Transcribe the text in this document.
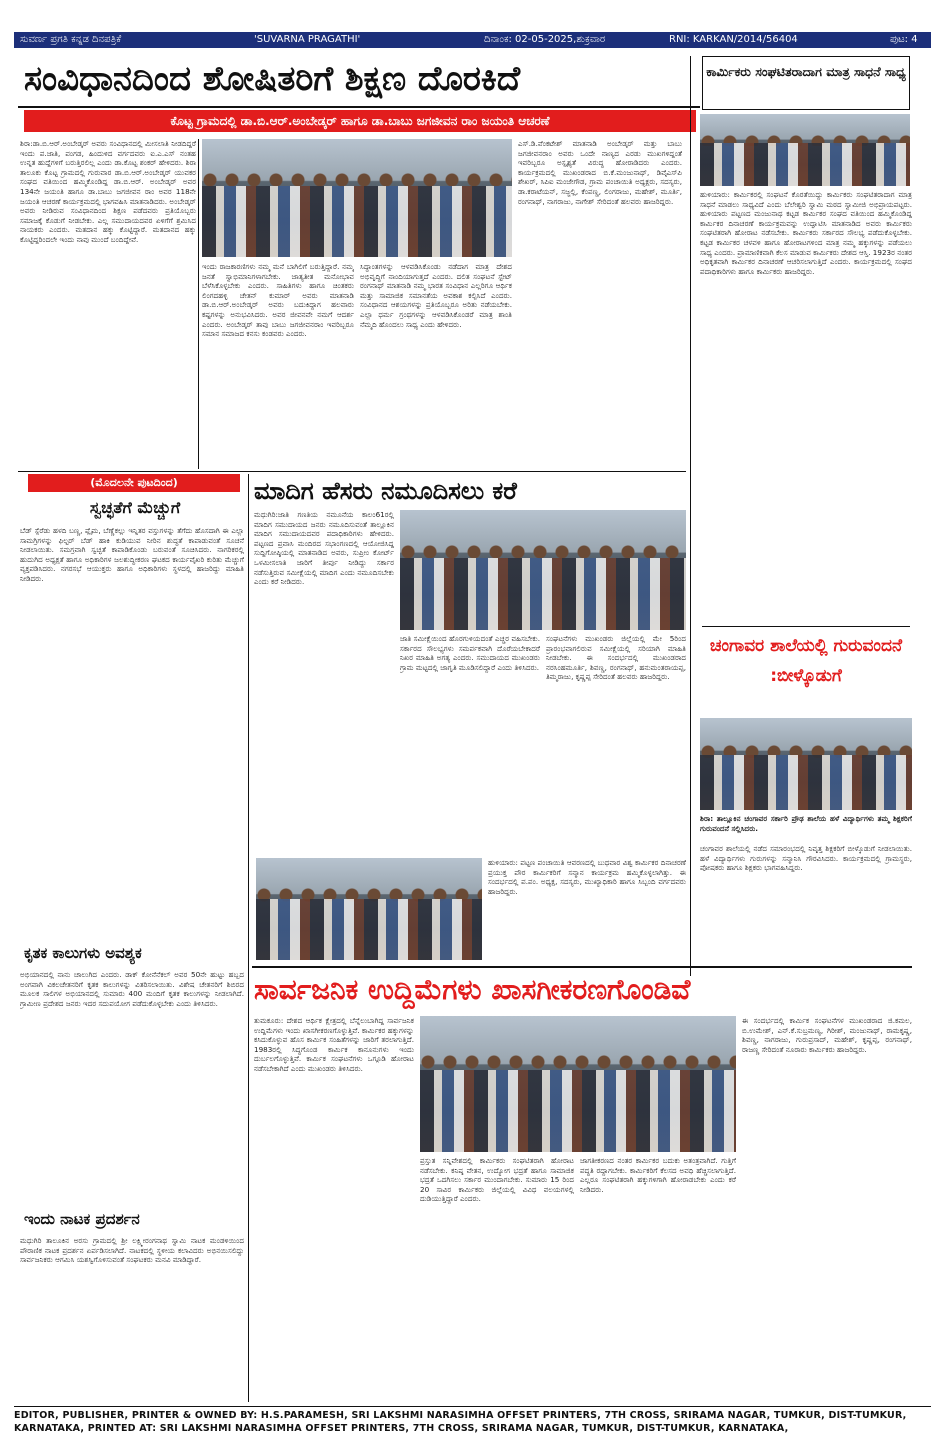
ಸುವರ್ಣ ಪ್ರಗತಿ ಕನ್ನಡ ದಿನಪತ್ರಿಕೆ	'SUVARNA PRAGATHI'	ದಿನಾಂಕ: 02-05-2025,ಶುಕ್ರವಾರ	RNI: KARKAN/2014/56404	ಪುಟ: 4
ಸಂವಿಧಾನದಿಂದ ಶೋಷಿತರಿಗೆ ಶಿಕ್ಷಣ ದೊರಕಿದೆ
ಕೊಟ್ಟ ಗ್ರಾಮದಲ್ಲಿ ಡಾ.ಬಿ.ಆರ್.ಅಂಬೇಡ್ಕರ್ ಹಾಗೂ ಡಾ.ಬಾಬು ಜಗಜೀವನ ರಾಂ ಜಯಂತಿ ಆಚರಣೆ
ಶಿರಾ:ಡಾ.ಬಿ.ಆರ್.ಅಂಬೇಡ್ಕರ್ ಅವರು ಸಂವಿಧಾನದಲ್ಲಿ ಮೀಸಲಾತಿ ನೀಡದಿದ್ದರೆ ಇಂದು ಪ.ಜಾತಿ, ಪಂಗಡ, ಹಿಂದುಳಿದ ವರ್ಗದವರು ಐ.ಎ.ಎಸ್ ನಂತಹ ಉನ್ನತ ಹುದ್ದೆಗಳಿಗೆ ಬರುತ್ತಿರಲಿಲ್ಲ ಎಂದು ಡಾ.ಕೊಟ್ಟ ಶಂಕರ್ ಹೇಳಿದರು. ಶಿರಾ ತಾಲೂಕು ಕೊಟ್ಟ ಗ್ರಾಮದಲ್ಲಿ ಗುರುವಾರ ಡಾ.ಬಿ.ಆರ್.ಅಂಬೇಡ್ಕರ್ ಯುವಕರ ಸಂಘದ ವತಿಯಿಂದ ಹಮ್ಮಿಕೊಂಡಿದ್ದ ಡಾ.ಬಿ.ಆರ್. ಅಂಬೇಡ್ಕರ್ ಅವರ 134ನೇ ಜಯಂತಿ ಹಾಗೂ ಡಾ.ಬಾಬು ಜಗಜೀವನ ರಾಂ ಅವರ 118ನೇ ಜಯಂತಿ ಆಚರಣೆ ಕಾರ್ಯಕ್ರಮದಲ್ಲಿ ಭಾಗವಹಿಸಿ ಮಾತನಾಡಿದರು. ಅಂಬೇಡ್ಕರ್ ಅವರು ನೀಡಿರುವ ಸಂವಿಧಾನದಿಂದ ಶಿಕ್ಷಣ ಪಡೆದವರು ಪ್ರತಿಯೊಬ್ಬರು ಸಮಾಜಕ್ಕೆ ಕೊಡುಗೆ ನೀಡಬೇಕು. ಎಲ್ಲ ಸಮುದಾಯದವರ ಏಳಿಗೆಗೆ ಶ್ರಮಿಸಿದ ನಾಯಕರು ಎಂದರು. ಮತದಾನ ಹಕ್ಕು ಕೊಟ್ಟಿದ್ದಾರೆ. ಮತದಾನದ ಹಕ್ಕು ಕೊಟ್ಟಿದ್ದರಿಂದಲೇ ಇಂದು ನಾವು ಮುಂದೆ ಬಂದಿದ್ದೇವೆ.
ಇಂದು ರಾಜಕಾರಣಿಗಳು ನಮ್ಮ ಮನೆ ಬಾಗಿಲಿಗೆ ಬರುತ್ತಿದ್ದಾರೆ. ನಮ್ಮ ಜನತೆ ಸ್ವಾಭಿಮಾನಿಗಳಾಗಬೇಕು. ಜಾತ್ಯತೀತ ಮನೋಭಾವ ಬೆಳೆಸಿಕೊಳ್ಳಬೇಕು ಎಂದರು. ಸಾಹಿತಿಗಳು ಹಾಗೂ ಚಿಂತಕರು ಲಿಂಗದಹಳ್ಳಿ ಚೇತನ್ ಕುಮಾರ್ ಅವರು ಮಾತನಾಡಿ ಡಾ.ಬಿ.ಆರ್.ಅಂಬೇಡ್ಕರ್ ಅವರು ಬದುಕಿದ್ದಾಗ ಹಲವಾರು ಕಷ್ಟಗಳನ್ನು ಅನುಭವಿಸಿದರು. ಅವರ ಜೀವನವೇ ನಮಗೆ ಆದರ್ಶ ಎಂದರು. ಅಂಬೇಡ್ಕರ್ ತಾವು ಬಾಬು ಜಗಜೀವನರಾಂ ಇವರಿಬ್ಬರೂ ಸಮಾನ ಸಮಾಜದ ಕನಸು ಕಂಡವರು ಎಂದರು.
ಸಿದ್ಧಾಂತಗಳನ್ನು ಆಳವಡಿಸಿಕೊಂಡು ನಡೆದಾಗ ಮಾತ್ರ ದೇಶದ ಅಭಿವೃದ್ಧಿಗೆ ನಾಂದಿಯಾಗುತ್ತದೆ ಎಂದರು. ದಲಿತ ಸಂಘಟನೆ ಸ್ಟೇಟ್ ರಂಗನಾಥ್ ಮಾತನಾಡಿ ನಮ್ಮ ಭಾರತ ಸಂವಿಧಾನ ಎಲ್ಲರಿಗೂ ಆರ್ಥಿಕ ಮತ್ತು ಸಾಮಾಜಿಕ ಸಮಾನತೆಯ ಅವಕಾಶ ಕಲ್ಪಿಸಿದೆ ಎಂದರು. ಸಂವಿಧಾನದ ಆಶಯಗಳನ್ನು ಪ್ರತಿಯೊಬ್ಬರೂ ಅರಿತು ನಡೆಯಬೇಕು. ಎಲ್ಲಾ ಧರ್ಮ ಗ್ರಂಥಗಳನ್ನು ಆಳವಡಿಸಿಕೊಂಡರೆ ಮಾತ್ರ ಶಾಂತಿ ನೆಮ್ಮದಿ ಹೊಂದಲು ಸಾಧ್ಯ ಎಂದು ಹೇಳಿದರು.
ಎಸ್.ಡಿ.ವೆಂಕಟೇಶ್ ಮಾತನಾಡಿ ಅಂಬೇಡ್ಕರ್ ಮತ್ತು ಬಾಬು ಜಗಜೀವನರಾಂ ಅವರು ಒಂದೇ ನಾಣ್ಯದ ಎರಡು ಮುಖಗಳಿದ್ದಂತೆ ಇವರಿಬ್ಬರೂ ಅಸ್ಪೃಶ್ಯತೆ ವಿರುದ್ಧ ಹೋರಾಡಿದರು ಎಂದರು. ಕಾರ್ಯಕ್ರಮದಲ್ಲಿ ಮುಖಂಡರಾದ ಬಿ.ಕೆ.ಮಂಜುನಾಥ್, ಡಿವೈಎಸ್‌ಪಿ ಶೇಖರ್, ಸಿಪಿಐ ಮಂಜೇಗೌಡ, ಗ್ರಾಮ ಪಂಚಾಯಿತಿ ಅಧ್ಯಕ್ಷರು, ಸದಸ್ಯರು, ಡಾ.ಕರಾಟೆಯನ್, ಸಜ್ಜಲ್ಲಿ, ಕೆಂಪಣ್ಣ, ಲಿಂಗರಾಜು, ಮಹೇಶ್, ಮೂರ್ತಿ, ರಂಗನಾಥ್, ನಾಗರಾಜು, ನಾಗೇಶ್ ಸೇರಿದಂತೆ ಹಲವರು ಹಾಜರಿದ್ದರು.
ಕಾರ್ಮಿಕರು ಸಂಘಟಿತರಾದಾಗ ಮಾತ್ರ ಸಾಧನೆ ಸಾಧ್ಯ
ಹುಳಿಯಾರು: ಕಾರ್ಮಿಕರಲ್ಲಿ ಸಂಘಟನೆ ಕೊರತೆಯಿದ್ದು ಕಾರ್ಮಿಕರು ಸಂಘಟಿತರಾದಾಗ ಮಾತ್ರ ಸಾಧನೆ ಮಾಡಲು ಸಾಧ್ಯವಿದೆ ಎಂದು ಬೆಲೇಶ್ವರಿ ಸ್ವಾಮಿ ಮಠದ ಸ್ವಾಮೀಜಿ ಅಭಿಪ್ರಾಯಪಟ್ಟರು. ಹುಳಿಯಾರು ಪಟ್ಟಣದ ಮಂಜುನಾಥ ಕಟ್ಟಡ ಕಾರ್ಮಿಕರ ಸಂಘದ ವತಿಯಿಂದ ಹಮ್ಮಿಕೊಂಡಿದ್ದ ಕಾರ್ಮಿಕರ ದಿನಾಚರಣೆ ಕಾರ್ಯಕ್ರಮವನ್ನು ಉದ್ಘಾಟಿಸಿ ಮಾತನಾಡಿದ ಅವರು ಕಾರ್ಮಿಕರು ಸಂಘಟಿತರಾಗಿ ಹೋರಾಟ ನಡೆಸಬೇಕು. ಕಾರ್ಮಿಕರು ಸರ್ಕಾರದ ಸೌಲಭ್ಯ ಪಡೆದುಕೊಳ್ಳಬೇಕು. ಕಟ್ಟಡ ಕಾರ್ಮಿಕರ ಚಳವಳಿ ಹಾಗೂ ಹೋರಾಟಗಳಿಂದ ಮಾತ್ರ ನಮ್ಮ ಹಕ್ಕುಗಳನ್ನು ಪಡೆಯಲು ಸಾಧ್ಯ ಎಂದರು. ಪ್ರಾಮಾಣಿಕವಾಗಿ ಕೆಲಸ ಮಾಡುವ ಕಾರ್ಮಿಕರು ದೇಶದ ಆಸ್ತಿ. 1923ರ ನಂತರ ಅಧಿಕೃತವಾಗಿ ಕಾರ್ಮಿಕರ ದಿನಾಚರಣೆ ಆಚರಿಸಲಾಗುತ್ತಿದೆ ಎಂದರು. ಕಾರ್ಯಕ್ರಮದಲ್ಲಿ ಸಂಘದ ಪದಾಧಿಕಾರಿಗಳು ಹಾಗೂ ಕಾರ್ಮಿಕರು ಹಾಜರಿದ್ದರು.
(ಮೊದಲನೇ ಪುಟದಿಂದ)
ಸ್ವಚ್ಛತೆಗೆ ಮೆಚ್ಚುಗೆ
ಬೆಡ್ ಸ್ಪೆರೆಡು ಹಳದಿ ಬಣ್ಣ, ಪ್ಲೈಮ, ಬೆಣ್ಣೆಕಲ್ಲು ಇನ್ನಿತರ ವಸ್ತುಗಳನ್ನು ತೆಗೆದು ಹೊಸದಾಗಿ ಈ ಎಲ್ಲಾ ಸಾಮಗ್ರಿಗಳನ್ನು ಫಿಲ್ಟರ್ ಬೆಡ್ ಹಾಕಿ ಕುಡಿಯುವ ನೀರಿನ ಶುದ್ಧತೆ ಕಾಪಾಡುವಂತೆ ಸೂಚನೆ ನೀಡಲಾಯಿತು. ಸಮಗ್ರವಾಗಿ ಸ್ವಚ್ಛತೆ ಕಾಪಾಡಿಕೊಂಡು ಬರುವಂತೆ ಸೂಚಿಸಿದರು. ನಾಗರಿಕರಲ್ಲಿ ಹುದುಗಿದ ಅಧ್ಯಕ್ಷತೆ ಹಾಗೂ ಅಧಿಕಾರಿಗಳ ಜಲಶುದ್ಧೀಕರಣ ಘಟಕದ ಕಾರ್ಯವೈಖರಿ ಕುರಿತು ಮೆಚ್ಚುಗೆ ವ್ಯಕ್ತಪಡಿಸಿದರು. ನಗರಸಭೆ ಆಯುಕ್ತರು ಹಾಗೂ ಅಧಿಕಾರಿಗಳು ಸ್ಥಳದಲ್ಲಿ ಹಾಜರಿದ್ದು ಮಾಹಿತಿ ನೀಡಿದರು.
ಕೃತಕ ಕಾಲುಗಳು ಅವಶ್ಯಕ
ಅಭಿಯಾನದಲ್ಲಿ ನಾನು ಚಾಲುಗಿದ ಎಂದರು. ಡಾಕ್ ಕೋನೆನೆಕಲ್ ಅವರ 50ನೇ ಹುಟ್ಟು ಹಬ್ಬದ ಅಂಗವಾಗಿ ವಿಕಲಚೇತನರಿಗೆ ಕೃತಕ ಕಾಲುಗಳನ್ನು ವಿತರಿಸಲಾಯಿತು. ವಿಶೇಷ ಚೇತನರಿಗೆ ಶಿಬಿರದ ಮೂಲಕ ಸಾಲಿಗಳ ಅಭಿಯಾನದಲ್ಲಿ ಸುಮಾರು 400 ಮಂದಿಗೆ ಕೃತಕ ಕಾಲುಗಳನ್ನು ನೀಡಲಾಗಿದೆ. ಗ್ರಾಮೀಣ ಪ್ರದೇಶದ ಜನರು ಇದರ ಸದುಪಯೋಗ ಪಡೆದುಕೊಳ್ಳಬೇಕು ಎಂದು ತಿಳಿಸಿದರು.
ಇಂದು ನಾಟಕ ಪ್ರದರ್ಶನ
ಮಧುಗಿರಿ ತಾಲೂಕಿನ ಅರಸು ಗ್ರಾಮದಲ್ಲಿ ಶ್ರೀ ಲಕ್ಷ್ಮೀರಂಗನಾಥ ಸ್ವಾಮಿ ನಾಟಕ ಮಂಡಳಿಯಿಂದ ಪೌರಾಣಿಕ ನಾಟಕ ಪ್ರದರ್ಶನ ಏರ್ಪಡಿಸಲಾಗಿದೆ. ನಾಟಕದಲ್ಲಿ ಸ್ಥಳೀಯ ಕಲಾವಿದರು ಅಭಿನಯಿಸಲಿದ್ದು ಸಾರ್ವಜನಿಕರು ಆಗಮಿಸಿ ಯಶಸ್ವಿಗೊಳಿಸುವಂತೆ ಸಂಘಟಕರು ಮನವಿ ಮಾಡಿದ್ದಾರೆ.
ಮಾದಿಗ ಹೆಸರು ನಮೂದಿಸಲು ಕರೆ
ಮಧುಗಿರಿ:ಜಾತಿ ಗಣತಿಯ ನಮೂನೆಯ ಕಾಲಂ61ರಲ್ಲಿ ಮಾದಿಗ ಸಮುದಾಯದ ಜನರು ನಮೂದಿಸುವಂತೆ ತಾಲ್ಲೂಕಿನ ಮಾದಿಗ ಸಮುದಾಯದವರ ಪದಾಧಿಕಾರಿಗಳು ಹೇಳಿದರು. ಪಟ್ಟಣದ ಪ್ರವಾಸಿ ಮಂದಿರದ ಸಭಾಂಗಣದಲ್ಲಿ ಆಯೋಜಿಸಿದ್ದ ಸುದ್ದಿಗೋಷ್ಠಿಯಲ್ಲಿ ಮಾತನಾಡಿದ ಅವರು, ಸುಪ್ರೀಂ ಕೋರ್ಟ್ ಒಳಮೀಸಲಾತಿ ಜಾರಿಗೆ ತೀರ್ಪು ನೀಡಿದ್ದು ಸರ್ಕಾರ ನಡೆಸುತ್ತಿರುವ ಸಮೀಕ್ಷೆಯಲ್ಲಿ ಮಾದಿಗ ಎಂದು ನಮೂದಿಸಬೇಕು ಎಂದು ಕರೆ ನೀಡಿದರು.
ಜಾತಿ ಸಮೀಕ್ಷೆಯಿಂದ ಹೊರಗುಳಿಯದಂತೆ ಎಚ್ಚರ ವಹಿಸಬೇಕು. ಸರ್ಕಾರದ ಸೌಲಭ್ಯಗಳು ಸಮರ್ಪಕವಾಗಿ ದೊರೆಯಬೇಕಾದರೆ ನಿಖರ ಮಾಹಿತಿ ಅಗತ್ಯ ಎಂದರು. ಸಮುದಾಯದ ಮುಖಂಡರು ಗ್ರಾಮ ಮಟ್ಟದಲ್ಲಿ ಜಾಗೃತಿ ಮೂಡಿಸಲಿದ್ದಾರೆ ಎಂದು ತಿಳಿಸಿದರು.
ಸಂಘಟನೆಗಳು ಮುಖಂಡರು ಜಿಲ್ಲೆಯಲ್ಲಿ ಮೇ 5ರಿಂದ ಪ್ರಾರಂಭವಾಗಲಿರುವ ಸಮೀಕ್ಷೆಯಲ್ಲಿ ಸರಿಯಾಗಿ ಮಾಹಿತಿ ನೀಡಬೇಕು. ಈ ಸಂದರ್ಭದಲ್ಲಿ ಮುಖಂಡರಾದ ನರಸಿಂಹಮೂರ್ತಿ, ಶಿವಣ್ಣ, ರಂಗನಾಥ್, ಹನುಮಂತರಾಯಪ್ಪ, ತಿಮ್ಮರಾಜು, ಕೃಷ್ಣಪ್ಪ ಸೇರಿದಂತೆ ಹಲವರು ಹಾಜರಿದ್ದರು.
ಚಂಗಾವರ ಶಾಲೆಯಲ್ಲಿ ಗುರುವಂದನೆ :ಬೀಳ್ಕೊಡುಗೆ
ಶಿರಾ: ತಾಲ್ಲೂಕಿನ ಚಂಗಾವರ ಸರ್ಕಾರಿ ಪ್ರೌಢ ಶಾಲೆಯ ಹಳೆ ವಿದ್ಯಾರ್ಥಿಗಳು ತಮ್ಮ ಶಿಕ್ಷಕರಿಗೆ ಗುರುವಂದನೆ ಸಲ್ಲಿಸಿದರು.
ಚಂಗಾವರ ಶಾಲೆಯಲ್ಲಿ ನಡೆದ ಸಮಾರಂಭದಲ್ಲಿ ನಿವೃತ್ತ ಶಿಕ್ಷಕರಿಗೆ ಬೀಳ್ಕೊಡುಗೆ ನೀಡಲಾಯಿತು. ಹಳೆ ವಿದ್ಯಾರ್ಥಿಗಳು ಗುರುಗಳನ್ನು ಸನ್ಮಾನಿಸಿ ಗೌರವಿಸಿದರು. ಕಾರ್ಯಕ್ರಮದಲ್ಲಿ ಗ್ರಾಮಸ್ಥರು, ಪೋಷಕರು ಹಾಗೂ ಶಿಕ್ಷಕರು ಭಾಗವಹಿಸಿದ್ದರು.
ಹುಳಿಯಾರು: ಪಟ್ಟಣ ಪಂಚಾಯಿತಿ ಆವರಣದಲ್ಲಿ ಬುಧವಾರ ವಿಶ್ವ ಕಾರ್ಮಿಕರ ದಿನಾಚರಣೆ ಪ್ರಯುಕ್ತ ಪೌರ ಕಾರ್ಮಿಕರಿಗೆ ಸನ್ಮಾನ ಕಾರ್ಯಕ್ರಮ ಹಮ್ಮಿಕೊಳ್ಳಲಾಗಿತ್ತು. ಈ ಸಂದರ್ಭದಲ್ಲಿ ಪ.ಪಂ. ಅಧ್ಯಕ್ಷ, ಸದಸ್ಯರು, ಮುಖ್ಯಾಧಿಕಾರಿ ಹಾಗೂ ಸಿಬ್ಬಂದಿ ವರ್ಗದವರು ಹಾಜರಿದ್ದರು.
ಸಾರ್ವಜನಿಕ ಉದ್ದಿಮೆಗಳು ಖಾಸಗೀಕರಣಗೊಂಡಿವೆ
ತುಮಕೂರು: ದೇಶದ ಆರ್ಥಿಕ ಕ್ಷೇತ್ರದಲ್ಲಿ ಬೆನ್ನೆಲುಬಾಗಿದ್ದ ಸಾರ್ವಜನಿಕ ಉದ್ದಿಮೆಗಳು ಇಂದು ಖಾಸಗೀಕರಣಗೊಳ್ಳುತ್ತಿವೆ. ಕಾರ್ಮಿಕರ ಹಕ್ಕುಗಳನ್ನು ಕಸಿದುಕೊಳ್ಳುವ ಹೊಸ ಕಾರ್ಮಿಕ ಸಂಹಿತೆಗಳನ್ನು ಜಾರಿಗೆ ತರಲಾಗುತ್ತಿದೆ. 1983ರಲ್ಲಿ ಸಿದ್ಧಗೊಂಡ ಕಾರ್ಮಿಕ ಕಾನೂನುಗಳು ಇಂದು ದುರ್ಬಲಗೊಳ್ಳುತ್ತಿವೆ. ಕಾರ್ಮಿಕ ಸಂಘಟನೆಗಳು ಒಗ್ಗೂಡಿ ಹೋರಾಟ ನಡೆಸಬೇಕಾಗಿದೆ ಎಂದು ಮುಖಂಡರು ತಿಳಿಸಿದರು.
ಪ್ರಸ್ತುತ ಸನ್ನಿವೇಶದಲ್ಲಿ ಕಾರ್ಮಿಕರು ಸಂಘಟಿತರಾಗಿ ಹೋರಾಟ ನಡೆಸಬೇಕು. ಕನಿಷ್ಠ ವೇತನ, ಉದ್ಯೋಗ ಭದ್ರತೆ ಹಾಗೂ ಸಾಮಾಜಿಕ ಭದ್ರತೆ ಒದಗಿಸಲು ಸರ್ಕಾರ ಮುಂದಾಗಬೇಕು. ಸುಮಾರು 15 ರಿಂದ 20 ಸಾವಿರ ಕಾರ್ಮಿಕರು ಜಿಲ್ಲೆಯಲ್ಲಿ ವಿವಿಧ ವಲಯಗಳಲ್ಲಿ ದುಡಿಯುತ್ತಿದ್ದಾರೆ ಎಂದರು.
ಜಾಗತೀಕರಣದ ನಂತರ ಕಾರ್ಮಿಕರ ಬದುಕು ಅತಂತ್ರವಾಗಿದೆ. ಗುತ್ತಿಗೆ ಪದ್ಧತಿ ರದ್ದಾಗಬೇಕು. ಕಾರ್ಮಿಕರಿಗೆ ಕೆಲಸದ ಅವಧಿ ಹೆಚ್ಚಿಸಲಾಗುತ್ತಿದೆ. ಎಲ್ಲರೂ ಸಂಘಟಿತರಾಗಿ ಹಕ್ಕುಗಳಿಗಾಗಿ ಹೋರಾಡಬೇಕು ಎಂದು ಕರೆ ನೀಡಿದರು.
ಈ ಸಂದರ್ಭದಲ್ಲಿ ಕಾರ್ಮಿಕ ಸಂಘಟನೆಗಳ ಮುಖಂಡರಾದ ಜಿ.ಕಮಲ, ಬಿ.ಉಮೇಶ್, ಎನ್.ಕೆ.ಸುಬ್ರಮಣ್ಯ, ಗಿರೀಶ್, ಮಂಜುನಾಥ್, ರಾಮಕೃಷ್ಣ, ಶಿವಣ್ಣ, ನಾಗರಾಜು, ಗುರುಪ್ರಸಾದ್, ಮಹೇಶ್, ಕೃಷ್ಣಪ್ಪ, ರಂಗನಾಥ್, ರಾಜಣ್ಣ ಸೇರಿದಂತೆ ನೂರಾರು ಕಾರ್ಮಿಕರು ಹಾಜರಿದ್ದರು.
EDITOR, PUBLISHER, PRINTER & OWNED BY: H.S.PARAMESH, SRI LAKSHMI NARASIMHA OFFSET PRINTERS, 7TH CROSS, SRIRAMA NAGAR, TUMKUR, DIST-TUMKUR,
KARNATAKA, PRINTED AT: SRI LAKSHMI NARASIMHA OFFSET PRINTERS, 7TH CROSS, SRIRAMA NAGAR, TUMKUR, DIST-TUMKUR, KARNATAKA,
